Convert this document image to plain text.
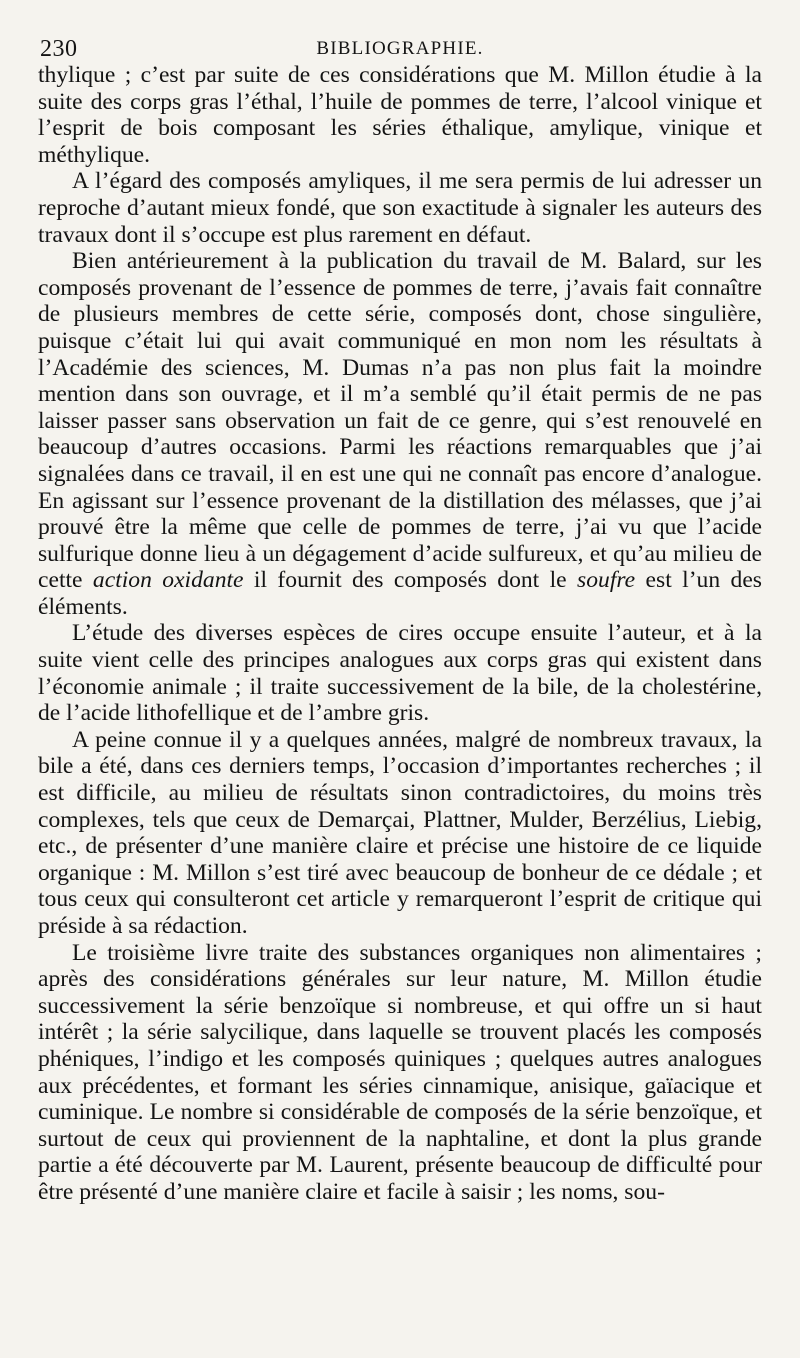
230	BIBLIOGRAPHIE.

thylique ; c’est par suite de ces considérations que M. Millon étudie à la suite des corps gras l’éthal, l’huile de pommes de terre, l’alcool vinique et l’esprit de bois composant les séries éthalique, amylique, vinique et méthylique.

A l’égard des composés amyliques, il me sera permis de lui adresser un reproche d’autant mieux fondé, que son exactitude à signaler les auteurs des travaux dont il s’occupe est plus rarement en défaut.

Bien antérieurement à la publication du travail de M. Balard, sur les composés provenant de l’essence de pommes de terre, j’avais fait connaître de plusieurs membres de cette série, composés dont, chose singulière, puisque c’était lui qui avait communiqué en mon nom les résultats à l’Académie des sciences, M. Dumas n’a pas non plus fait la moindre mention dans son ouvrage, et il m’a semblé qu’il était permis de ne pas laisser passer sans observation un fait de ce genre, qui s’est renouvelé en beaucoup d’autres occasions. Parmi les réactions remarquables que j’ai signalées dans ce travail, il en est une qui ne connaît pas encore d’analogue. En agissant sur l’essence provenant de la distillation des mélasses, que j’ai prouvé être la même que celle de pommes de terre, j’ai vu que l’acide sulfurique donne lieu à un dégagement d’acide sulfureux, et qu’au milieu de cette action oxidante il fournit des composés dont le soufre est l’un des éléments.

L’étude des diverses espèces de cires occupe ensuite l’auteur, et à la suite vient celle des principes analogues aux corps gras qui existent dans l’économie animale ; il traite successivement de la bile, de la cholestérine, de l’acide lithofellique et de l’ambre gris.

A peine connue il y a quelques années, malgré de nombreux travaux, la bile a été, dans ces derniers temps, l’occasion d’importantes recherches ; il est difficile, au milieu de résultats sinon contradictoires, du moins très complexes, tels que ceux de Demarçai, Plattner, Mulder, Berzélius, Liebig, etc., de présenter d’une manière claire et précise une histoire de ce liquide organique : M. Millon s’est tiré avec beaucoup de bonheur de ce dédale ; et tous ceux qui consulteront cet article y remarqueront l’esprit de critique qui préside à sa rédaction.

Le troisième livre traite des substances organiques non alimentaires ; après des considérations générales sur leur nature, M. Millon étudie successivement la série benzoïque si nombreuse, et qui offre un si haut intérêt ; la série salycilique, dans laquelle se trouvent placés les composés phéniques, l’indigo et les composés quiniques ; quelques autres analogues aux précédentes, et formant les séries cinnamique, anisique, gaïacique et cuminique. Le nombre si considérable de composés de la série benzoïque, et surtout de ceux qui proviennent de la naphtaline, et dont la plus grande partie a été découverte par M. Laurent, présente beaucoup de difficulté pour être présenté d’une manière claire et facile à saisir ; les noms, sou-
